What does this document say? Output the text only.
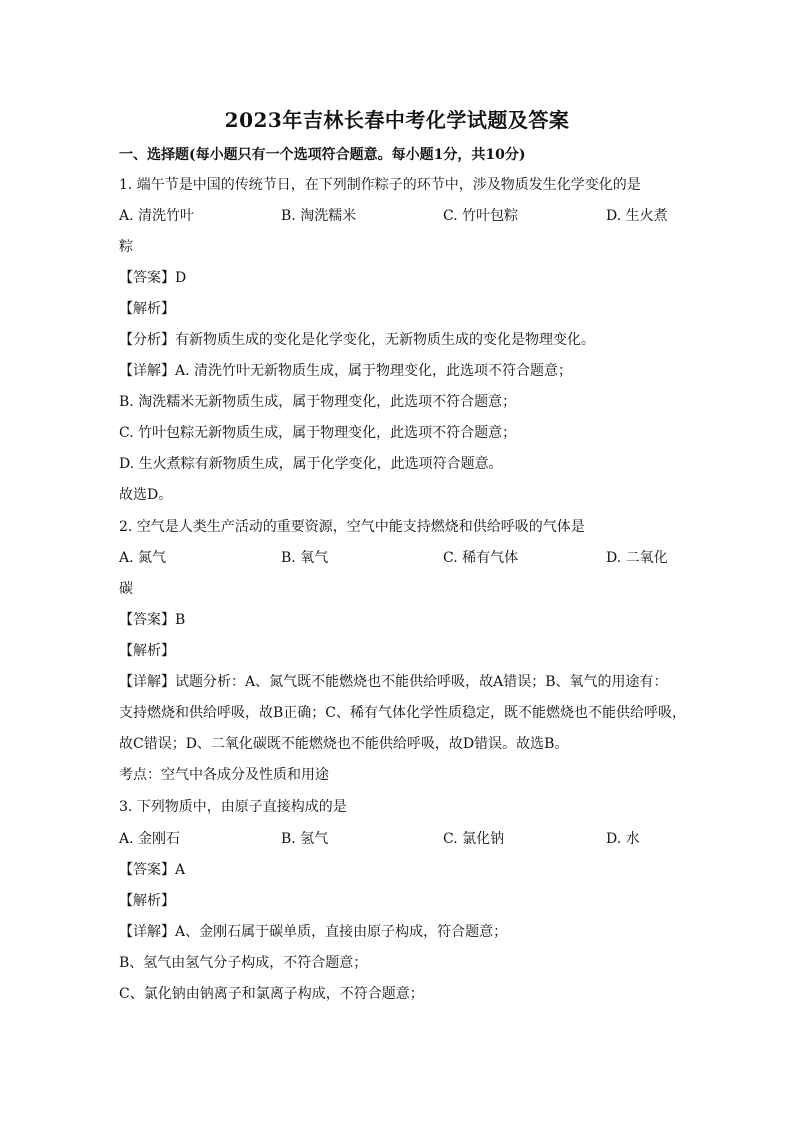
2023年吉林长春中考化学试题及答案
一、选择题(每小题只有一个选项符合题意。每小题1分，共10分)
1. 端午节是中国的传统节日，在下列制作粽子的环节中，涉及物质发生化学变化的是
A. 清洗竹叶	B. 淘洗糯米	C. 竹叶包粽	D. 生火煮
粽
【答案】D
【解析】
【分析】有新物质生成的变化是化学变化，无新物质生成的变化是物理变化。
【详解】A. 清洗竹叶无新物质生成，属于物理变化，此选项不符合题意；
B. 淘洗糯米无新物质生成，属于物理变化，此选项不符合题意；
C. 竹叶包粽无新物质生成，属于物理变化，此选项不符合题意；
D. 生火煮粽有新物质生成，属于化学变化，此选项符合题意。
故选D。
2. 空气是人类生产活动的重要资源，空气中能支持燃烧和供给呼吸的气体是
A. 氮气	B. 氧气	C. 稀有气体	D. 二氧化
碳
【答案】B
【解析】
【详解】试题分析：A、氮气既不能燃烧也不能供给呼吸，故A错误；B、氧气的用途有：
支持燃烧和供给呼吸，故B正确；C、稀有气体化学性质稳定，既不能燃烧也不能供给呼吸，
故C错误；D、二氧化碳既不能燃烧也不能供给呼吸，故D错误。故选B。
考点：空气中各成分及性质和用途
3. 下列物质中，由原子直接构成的是
A. 金刚石	B. 氢气	C. 氯化钠	D. 水
【答案】A
【解析】
【详解】A、金刚石属于碳单质，直接由原子构成，符合题意；
B、氢气由氢气分子构成，不符合题意；
C、氯化钠由钠离子和氯离子构成，不符合题意；
